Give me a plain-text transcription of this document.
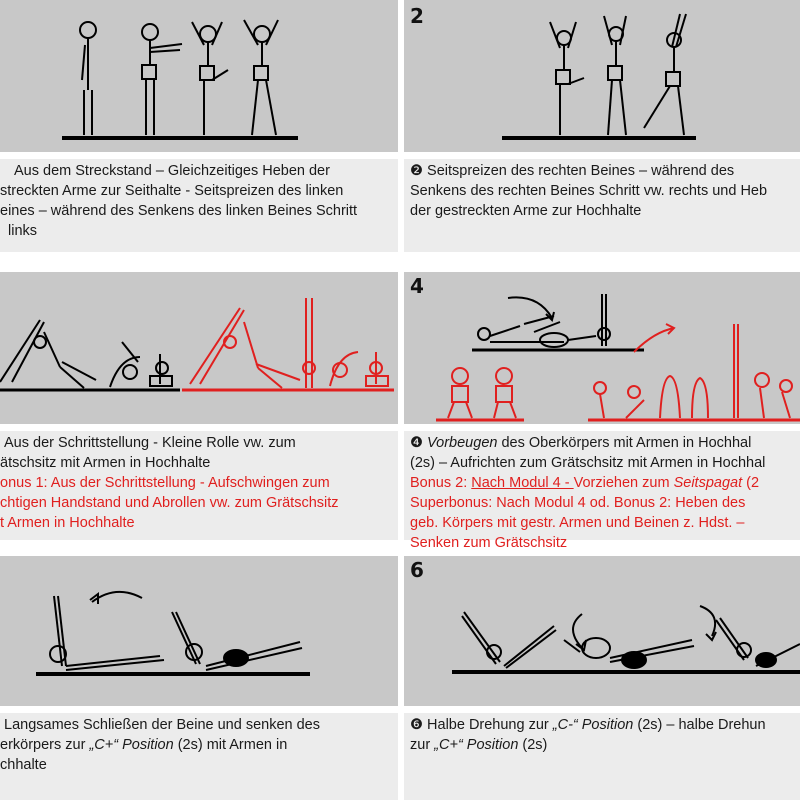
Aus dem Streckstand – Gleichzeitiges Heben der

streckten Arme zur Seithalte - Seitspreizen des linken

eines – während des Senkens des linken Beines Schritt

links

2

❷ Seitspreizen des rechten Beines – während des

Senkens des rechten Beines Schritt vw. rechts und Heb

der gestreckten Arme zur Hochhalte

Aus der Schrittstellung - Kleine Rolle vw. zum

ätschsitz mit Armen in Hochhalte

onus 1: Aus der Schrittstellung - Aufschwingen zum

chtigen Handstand und Abrollen vw. zum Grätschsitz

t Armen in Hochhalte

4

❹ Vorbeugen des Oberkörpers mit Armen in Hochhal

(2s) – Aufrichten zum Grätschsitz mit Armen in Hochhal

Bonus 2: Nach Modul 4 - Vorziehen zum Seitspagat (2

Superbonus: Nach Modul 4 od. Bonus 2: Heben des

geb. Körpers mit gestr. Armen und Beinen z. Hdst. –

Senken zum Grätschsitz

Langsames Schließen der Beine und senken des

erkörpers zur „C+“ Position (2s) mit Armen in

chhalte

6

❻ Halbe Drehung zur „C-“ Position (2s) – halbe Drehun

zur „C+“ Position (2s)
